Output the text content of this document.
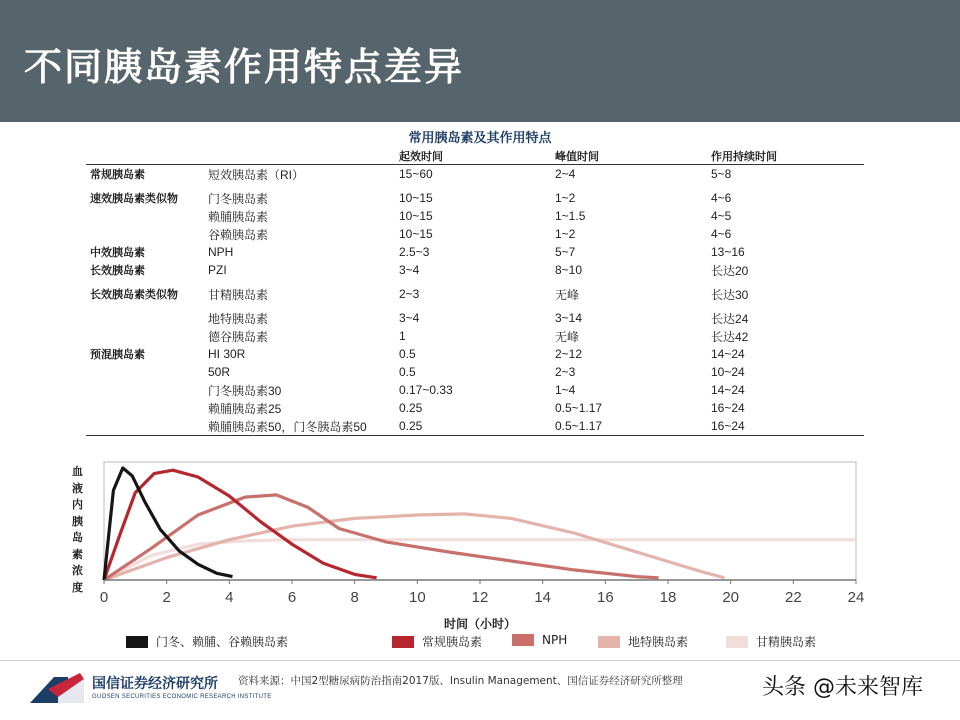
不同胰岛素作用特点差异
常用胰岛素及其作用特点
		起效时间	峰值时间	作用持续时间
常规胰岛素	短效胰岛素（RI）	15~60	2~4	5~8
速效胰岛素类似物	门冬胰岛素	10~15	1~2	4~6
	赖脯胰岛素	10~15	1~1.5	4~5
	谷赖胰岛素	10~15	1~2	4~6
中效胰岛素	NPH	2.5~3	5~7	13~16
长效胰岛素	PZI	3~4	8~10	长达20
长效胰岛素类似物	甘精胰岛素	2~3	无峰	长达30
	地特胰岛素	3~4	3~14	长达24
	德谷胰岛素	1	无峰	长达42
预混胰岛素	HI 30R	0.5	2~12	14~24
	50R	0.5	2~3	10~24
	门冬胰岛素30	0.17~0.33	1~4	14~24
	赖脯胰岛素25	0.25	0.5~1.17	16~24
	赖脯胰岛素50，门冬胰岛素50	0.25	0.5~1.17	16~24
0	2	4	6	8	10	12	14	16	18	20	22	24
时间（小时）
血液内胰岛素浓度
门冬、赖脯、谷赖胰岛素	常规胰岛素	NPH	地特胰岛素	甘精胰岛素
国信证券经济研究所
GUOSEN SECURITIES ECONOMIC RESEARCH INSTITUTE
资料来源：中国2型糖尿病防治指南2017版、Insulin Management、国信证券经济研究所整理	头条 @未来智库
